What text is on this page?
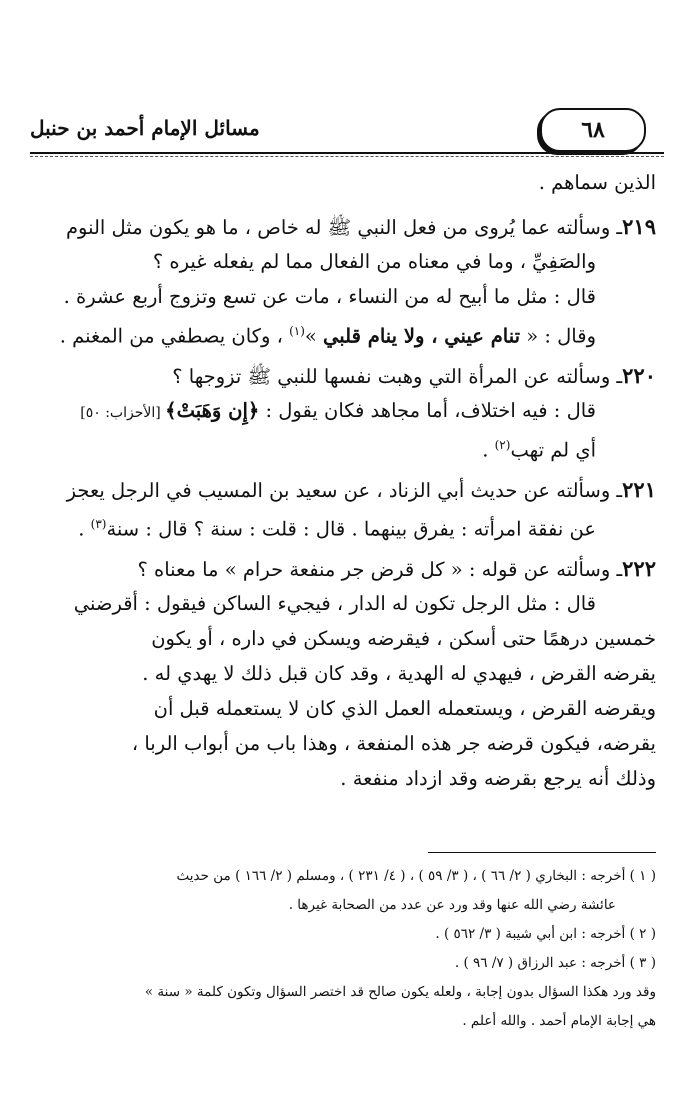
٦٨
مسائل الإمام أحمد بن حنبل
الذين سماهم .
٢١٩ـ وسألته عما يُروى من فعل النبي ﷺ له خاص ، ما هو يكون مثل النوم
والصَفِيِّ ، وما في معناه من الفعال مما لم يفعله غيره ؟
قال : مثل ما أبيح له من النساء ، مات عن تسع وتزوج أربع عشرة .
وقال : « تنام عيني ، ولا ينام قلبي »$^{(١)}$ ، وكان يصطفي من المغنم .
٢٢٠ـ وسألته عن المرأة التي وهبت نفسها للنبي ﷺ تزوجها ؟
قال : فيه اختلاف، أما مجاهد فكان يقول : ﴿إِن وَهَبَتْ﴾ [الأحزاب: ٥٠]
أي لم تهب$^{(٢)}$ .
٢٢١ـ وسألته عن حديث أبي الزناد ، عن سعيد بن المسيب في الرجل يعجز
عن نفقة امرأته : يفرق بينهما . قال : قلت : سنة ؟ قال : سنة$^{(٣)}$ .
٢٢٢ـ وسألته عن قوله : « كل قرض جر منفعة حرام » ما معناه ؟
قال : مثل الرجل تكون له الدار ، فيجيء الساكن فيقول : أقرضني
خمسين درهمًا حتى أسكن ، فيقرضه ويسكن في داره ، أو يكون
يقرضه القرض ، فيهدي له الهدية ، وقد كان قبل ذلك لا يهدي له .
ويقرضه القرض ، ويستعمله العمل الذي كان لا يستعمله قبل أن
يقرضه، فيكون قرضه جر هذه المنفعة ، وهذا باب من أبواب الربا ،
وذلك أنه يرجع بقرضه وقد ازداد منفعة .
( ١ ) أخرجه : البخاري ( ٢/ ٦٦ ) ، ( ٣/ ٥٩ ) ، ( ٤/ ٢٣١ ) ، ومسلم ( ٢/ ١٦٦ ) من حديث
عائشة رضي الله عنها وقد ورد عن عدد من الصحابة غيرها .
( ٢ ) أخرجه : ابن أبي شيبة ( ٣/ ٥٦٢ ) .
( ٣ ) أخرجه : عبد الرزاق ( ٧/ ٩٦ ) .
وقد ورد هكذا السؤال بدون إجابة ، ولعله يكون صالح قد اختصر السؤال وتكون كلمة « سنة »
هي إجابة الإمام أحمد . والله أعلم .
